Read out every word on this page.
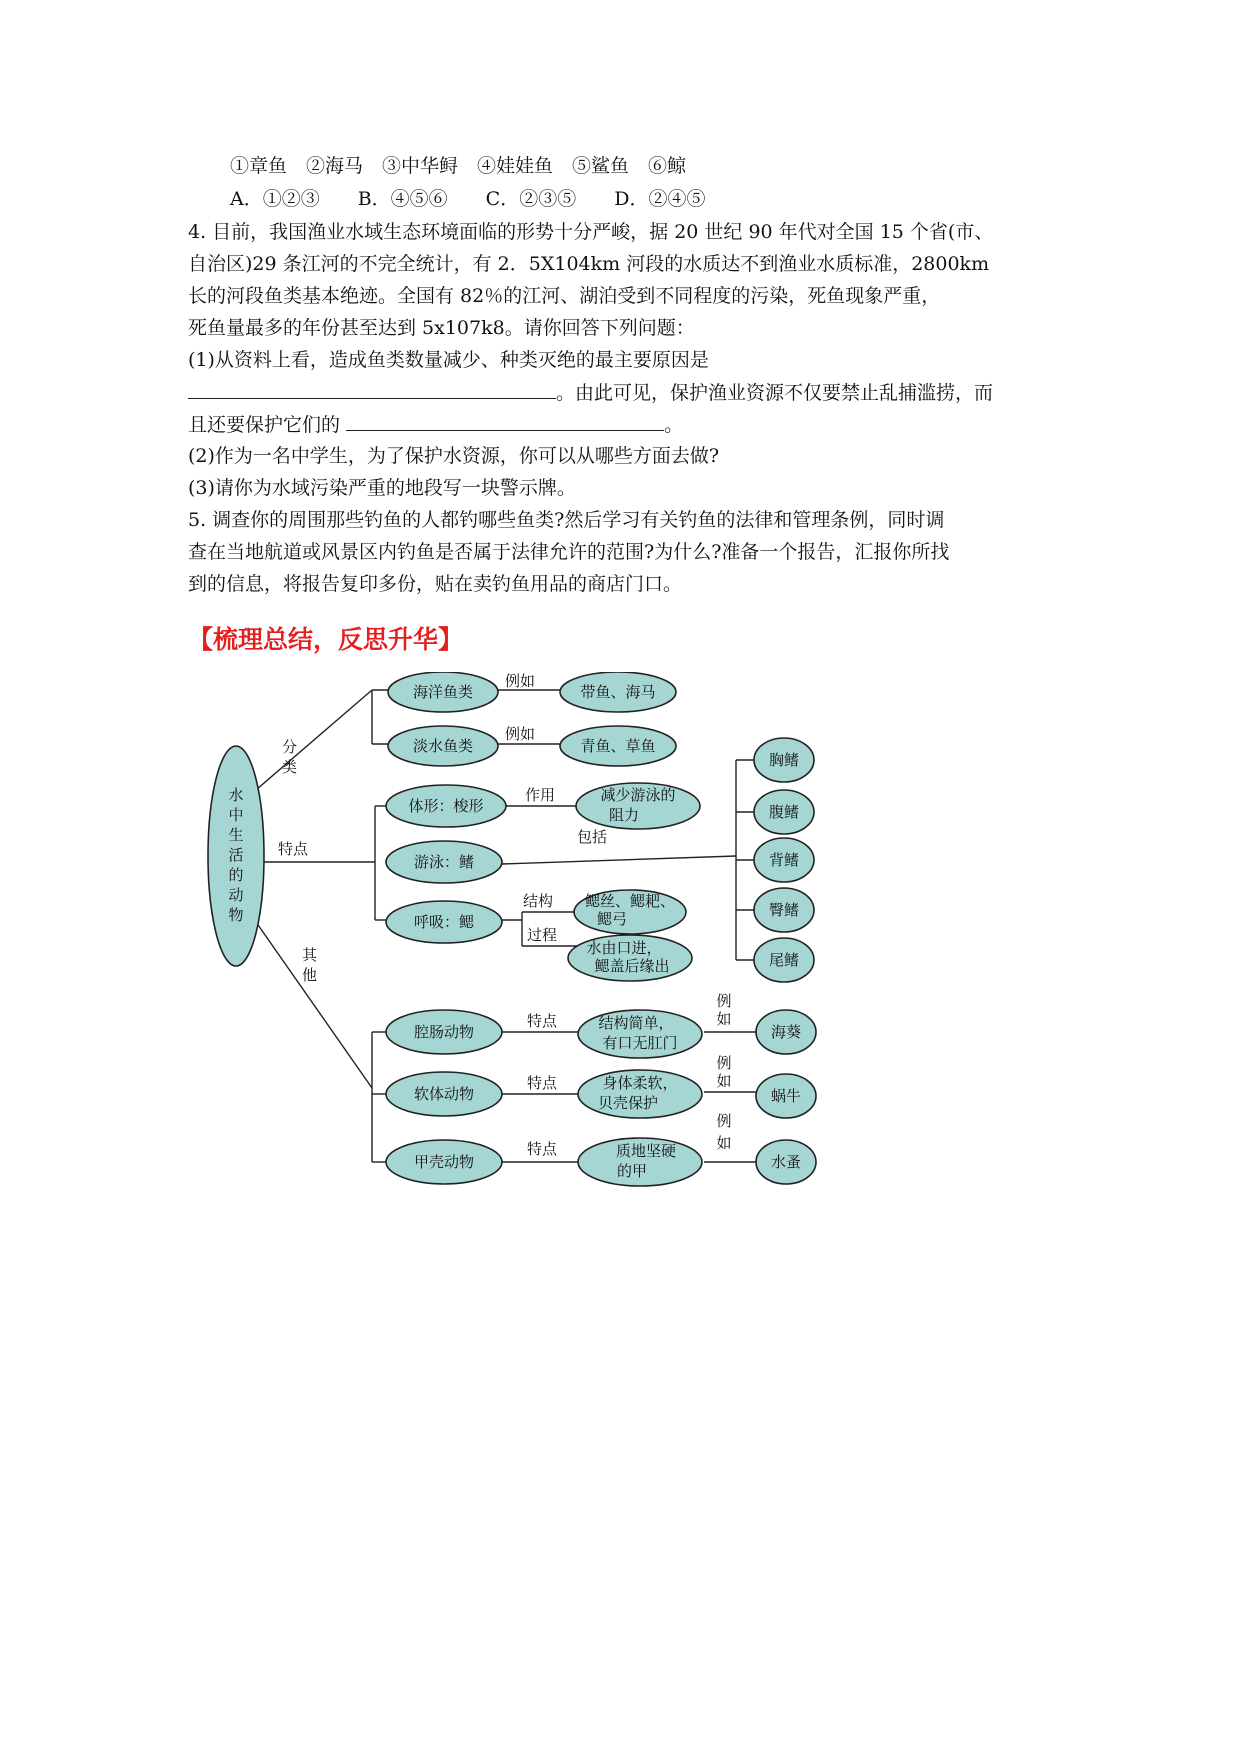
①章鱼　②海马　③中华鲟　④娃娃鱼　⑤鲨鱼　⑥鲸
A．①②③　　B．④⑤⑥　　C．②③⑤　　D．②④⑤
4. 目前，我国渔业水域生态环境面临的形势十分严峻，据 20 世纪 90 年代对全国 15 个省(市、
自治区)29 条江河的不完全统计，有 2．5X104km 河段的水质达不到渔业水质标准，2800km
长的河段鱼类基本绝迹。全国有 82％的江河、湖泊受到不同程度的污染，死鱼现象严重，
死鱼量最多的年份甚至达到 5x107k8。请你回答下列问题：
(1)从资料上看，造成鱼类数量减少、种类灭绝的最主要原因是
。由此可见，保护渔业资源不仅要禁止乱捕滥捞，而
且还要保护它们的	。
(2)作为一名中学生，为了保护水资源，你可以从哪些方面去做?
(3)请你为水域污染严重的地段写一块警示牌。
5. 调查你的周围那些钓鱼的人都钓哪些鱼类?然后学习有关钓鱼的法律和管理条例，同时调
查在当地航道或风景区内钓鱼是否属于法律允许的范围?为什么?准备一个报告，汇报你所找
到的信息，将报告复印多份，贴在卖钓鱼用品的商店门口。
【梳理总结，反思升华】
水
中
生
活
的
动
物
分
类
特点
其
他
海洋鱼类
例如
带鱼、海马
淡水鱼类
例如
青鱼、草鱼
体形：梭形
作用	减少游泳的
阻力
游泳：鳍
包括
呼吸：鳃
结构 鳃丝、鳃耙、
鳃弓
过程
水由口进，
鳃盖后缘出
胸鳍
腹鳍
背鳍
臀鳍
尾鳍
腔肠动物
特点	结构简单，
有口无肛门
例
如
海葵
软体动物
特点	身体柔软，
贝壳保护
例
如
蜗牛
甲壳动物
特点	质地坚硬
的甲
例
如
水蚤
